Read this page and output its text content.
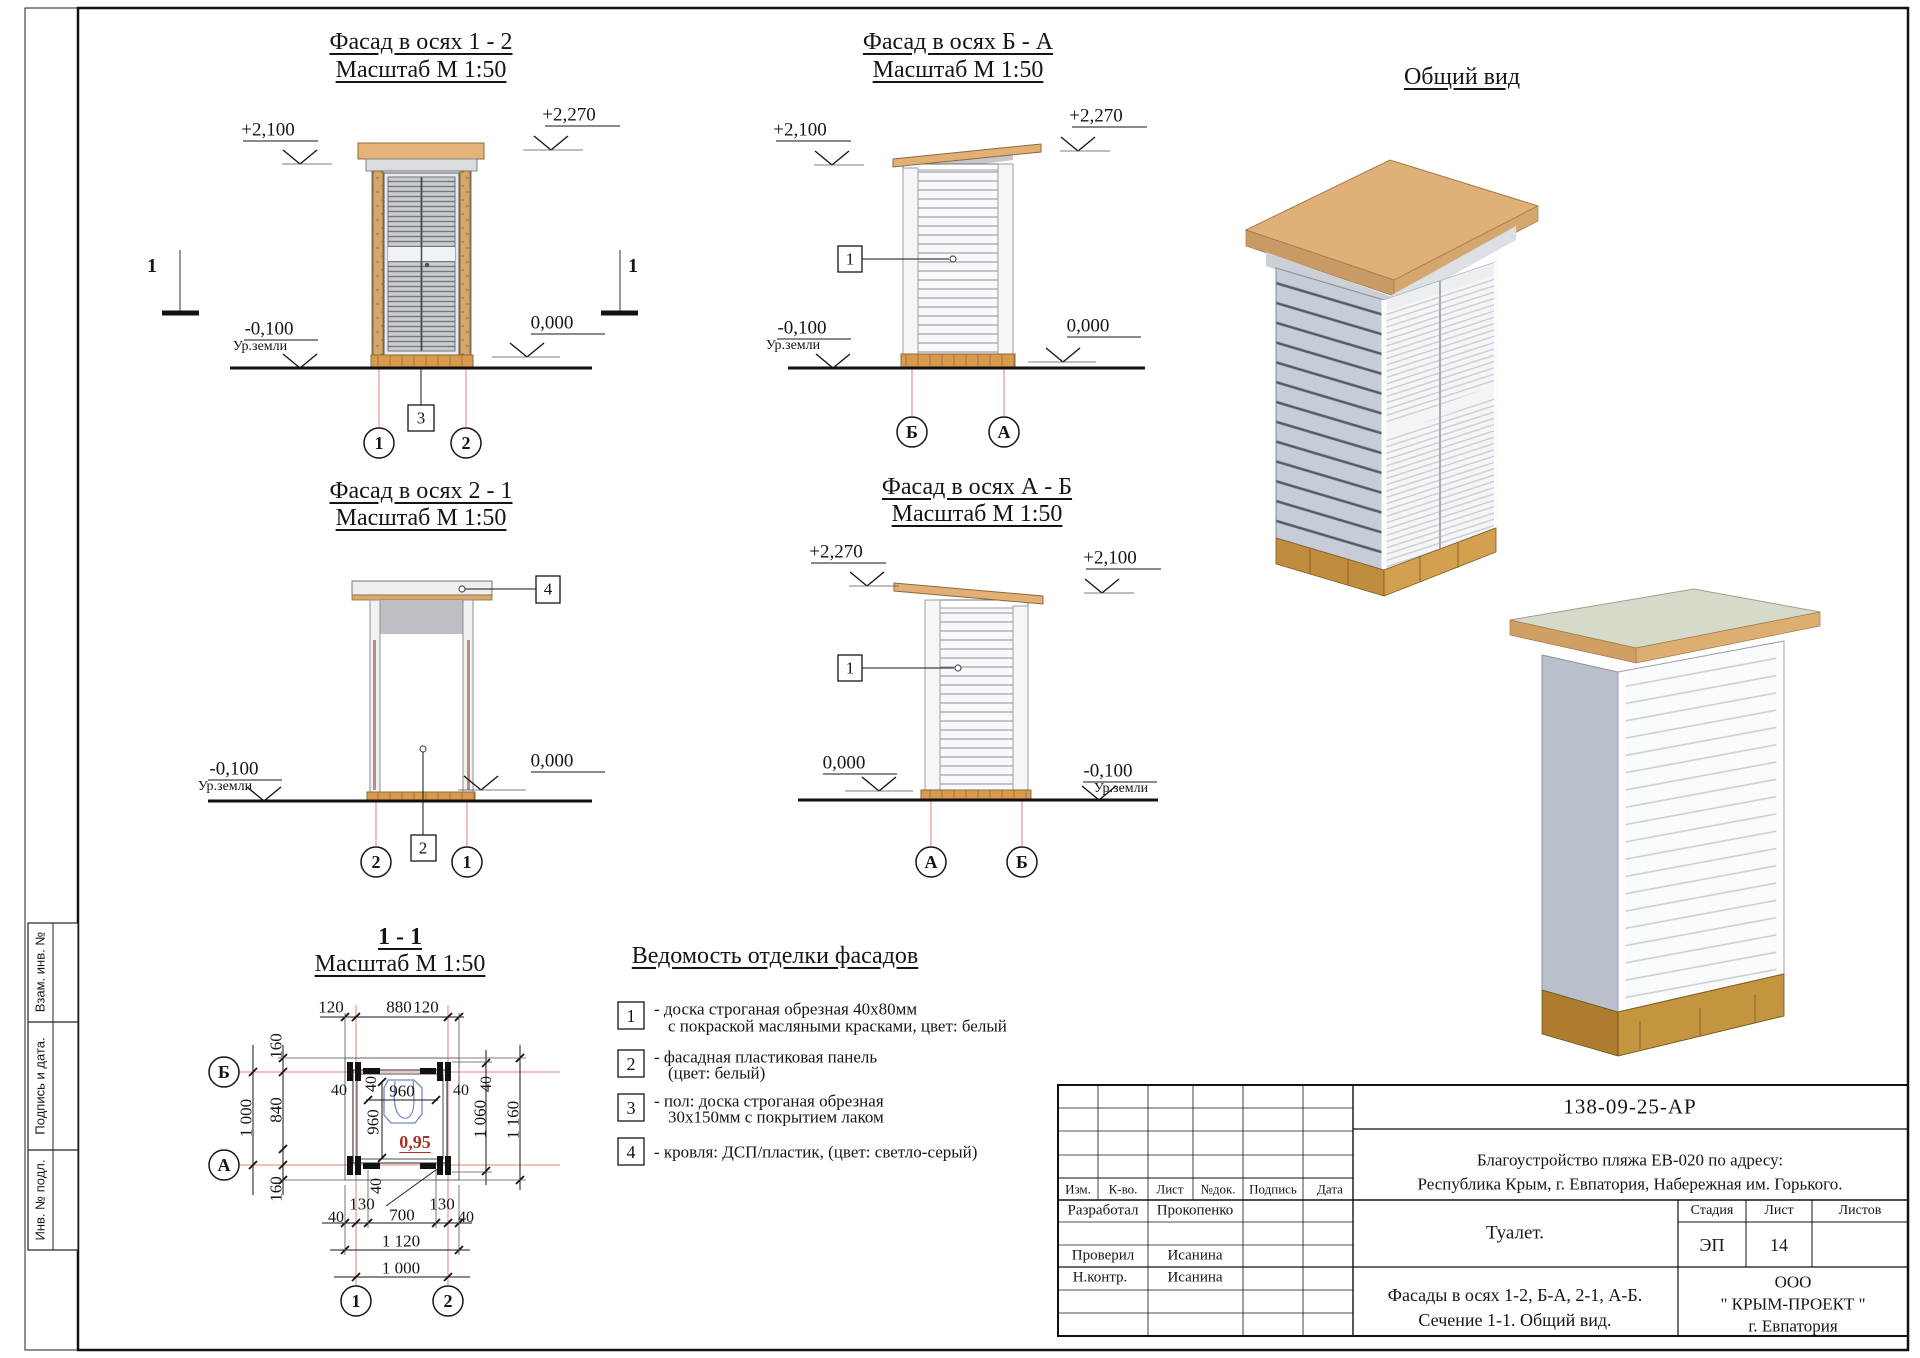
Взам. инв. №
Подпись и дата.
Инв. № подл.
Фасад в осях 1 - 2
Масштаб М 1:50
+2,100
+2,270
-0,100
Ур.земли
0,000
1	1
1	2
3
Фасад в осях Б - А
Масштаб М 1:50
+2,100
+2,270
-0,100
Ур.земли
0,000
1
Б	А
Фасад в осях 2 - 1
Масштаб М 1:50
4
-0,100
Ур.земли
0,000
2
2	1
Фасад в осях А - Б
Масштаб М 1:50
+2,270	+2,100
1
0,000	-0,100
Ур.земли
А	Б
Общий вид
1 - 1
Масштаб М 1:50
Б
А
1	2
120	880 120
160
1 000 840
160
40 40 960 40 40
960
40
1 060 1 160
130	130
40	700	40
1 120
1 000
0,95
Ведомость отделки фасадов
1 - доска строганая обрезная 40х80мм
с покраской масляными красками, цвет: белый
2 - фасадная пластиковая панель
(цвет: белый)
3 - пол: доска строганая обрезная
30х150мм с покрытием лаком
4 - кровля: ДСП/пластик, (цвет: светло-серый)
138-09-25-АР
Благоустройство пляжа ЕВ-020 по адресу:
Республика Крым, г. Евпатория, Набережная им. Горького.
Изм. К-во. Лист №док. Подпись Дата
Разработал Прокопенко
Проверил Исанина
Н.контр.	Исанина
Туалет.
Стадия Лист	Листов
ЭП	14
Фасады в осях 1-2, Б-А, 2-1, А-Б.
Сечение 1-1. Общий вид.
ООО
" КРЫМ-ПРОЕКТ "
г. Евпатория
